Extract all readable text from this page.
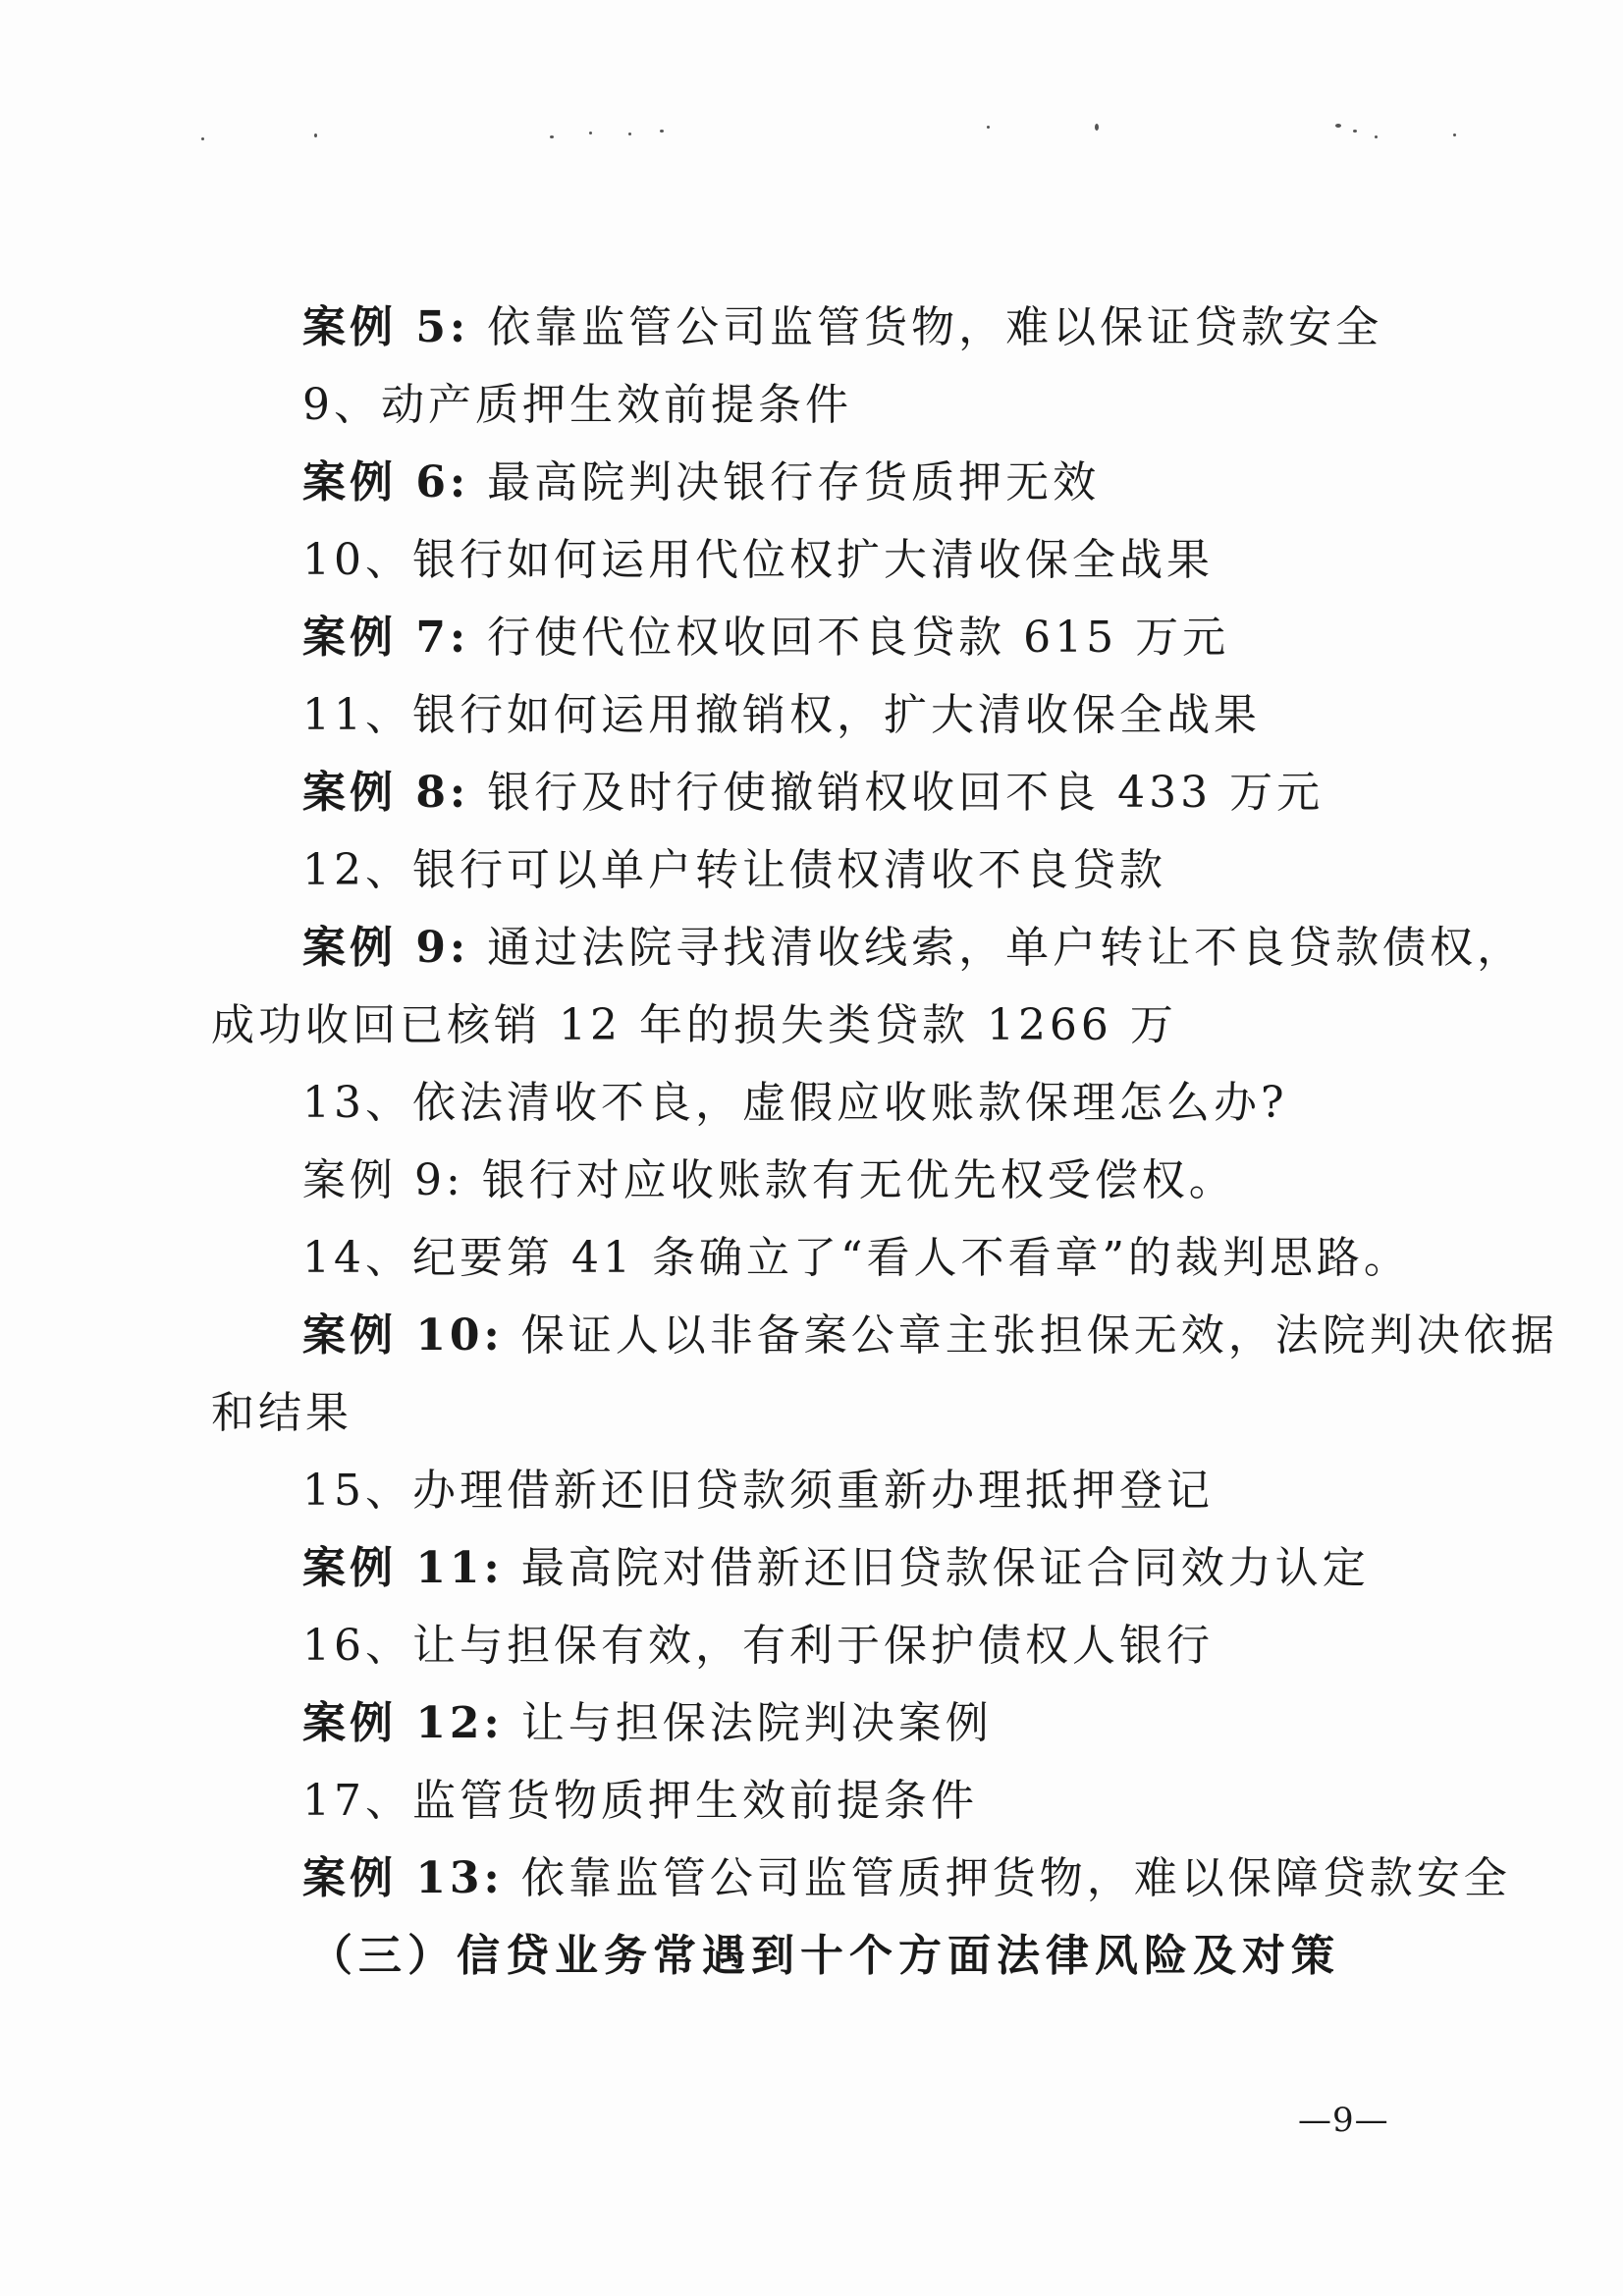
案例 5: 依靠监管公司监管货物，难以保证贷款安全
9、动产质押生效前提条件
案例 6: 最高院判决银行存货质押无效
10、银行如何运用代位权扩大清收保全战果
案例 7: 行使代位权收回不良贷款 615 万元
11、银行如何运用撤销权，扩大清收保全战果
案例 8: 银行及时行使撤销权收回不良 433 万元
12、银行可以单户转让债权清收不良贷款
案例 9: 通过法院寻找清收线索，单户转让不良贷款债权，
成功收回已核销 12 年的损失类贷款 1266 万
13、依法清收不良，虚假应收账款保理怎么办?
案例 9: 银行对应收账款有无优先权受偿权。
14、纪要第 41 条确立了“看人不看章”的裁判思路。
案例 10: 保证人以非备案公章主张担保无效，法院判决依据
和结果
15、办理借新还旧贷款须重新办理抵押登记
案例 11: 最高院对借新还旧贷款保证合同效力认定
16、让与担保有效，有利于保护债权人银行
案例 12: 让与担保法院判决案例
17、监管货物质押生效前提条件
案例 13: 依靠监管公司监管质押货物，难以保障贷款安全
（三）信贷业务常遇到十个方面法律风险及对策
—9—
